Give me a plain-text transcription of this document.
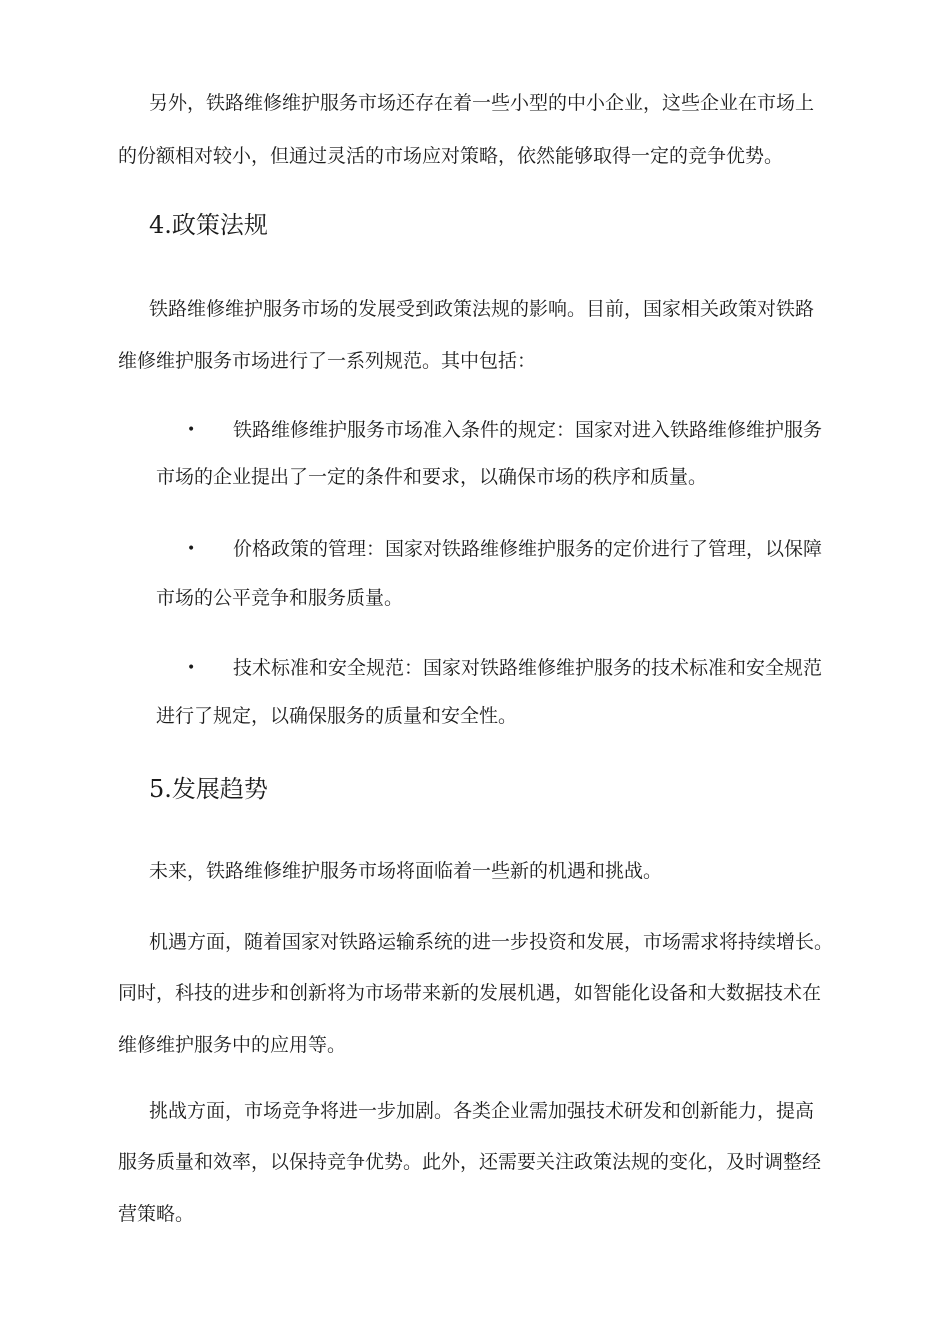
另外，铁路维修维护服务市场还存在着一些小型的中小企业，这些企业在市场上
的份额相对较小，但通过灵活的市场应对策略，依然能够取得一定的竞争优势。
4.政策法规
铁路维修维护服务市场的发展受到政策法规的影响。目前，国家相关政策对铁路
维修维护服务市场进行了一系列规范。其中包括：
• 铁路维修维护服务市场准入条件的规定：国家对进入铁路维修维护服务
市场的企业提出了一定的条件和要求，以确保市场的秩序和质量。
• 价格政策的管理：国家对铁路维修维护服务的定价进行了管理，以保障
市场的公平竞争和服务质量。
• 技术标准和安全规范：国家对铁路维修维护服务的技术标准和安全规范
进行了规定，以确保服务的质量和安全性。
5.发展趋势
未来，铁路维修维护服务市场将面临着一些新的机遇和挑战。
机遇方面，随着国家对铁路运输系统的进一步投资和发展，市场需求将持续增长。
同时，科技的进步和创新将为市场带来新的发展机遇，如智能化设备和大数据技术在
维修维护服务中的应用等。
挑战方面，市场竞争将进一步加剧。各类企业需加强技术研发和创新能力，提高
服务质量和效率，以保持竞争优势。此外，还需要关注政策法规的变化，及时调整经
营策略。
